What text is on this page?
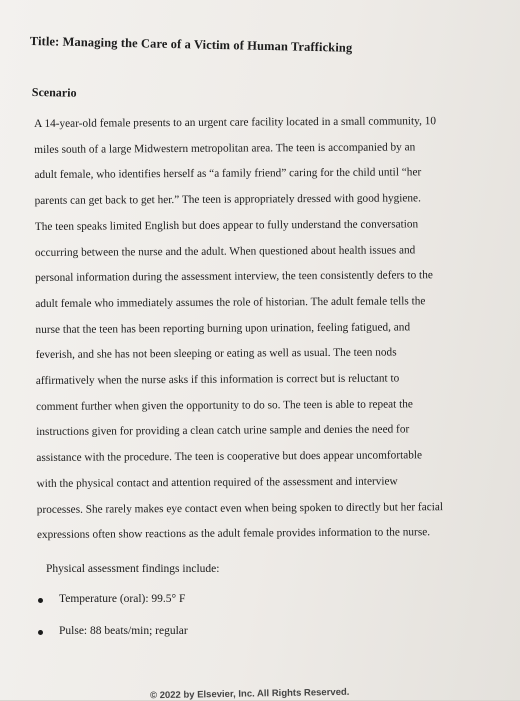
Title: Managing the Care of a Victim of Human Trafficking
Scenario
A 14-year-old female presents to an urgent care facility located in a small community, 10
miles south of a large Midwestern metropolitan area. The teen is accompanied by an
adult female, who identifies herself as “a family friend” caring for the child until “her
parents can get back to get her.” The teen is appropriately dressed with good hygiene.
The teen speaks limited English but does appear to fully understand the conversation
occurring between the nurse and the adult. When questioned about health issues and
personal information during the assessment interview, the teen consistently defers to the
adult female who immediately assumes the role of historian. The adult female tells the
nurse that the teen has been reporting burning upon urination, feeling fatigued, and
feverish, and she has not been sleeping or eating as well as usual. The teen nods
affirmatively when the nurse asks if this information is correct but is reluctant to
comment further when given the opportunity to do so. The teen is able to repeat the
instructions given for providing a clean catch urine sample and denies the need for
assistance with the procedure. The teen is cooperative but does appear uncomfortable
with the physical contact and attention required of the assessment and interview
processes. She rarely makes eye contact even when being spoken to directly but her facial
expressions often show reactions as the adult female provides information to the nurse.
Physical assessment findings include:
Temperature (oral): 99.5° F
Pulse: 88 beats/min; regular
© 2022 by Elsevier, Inc. All Rights Reserved.
